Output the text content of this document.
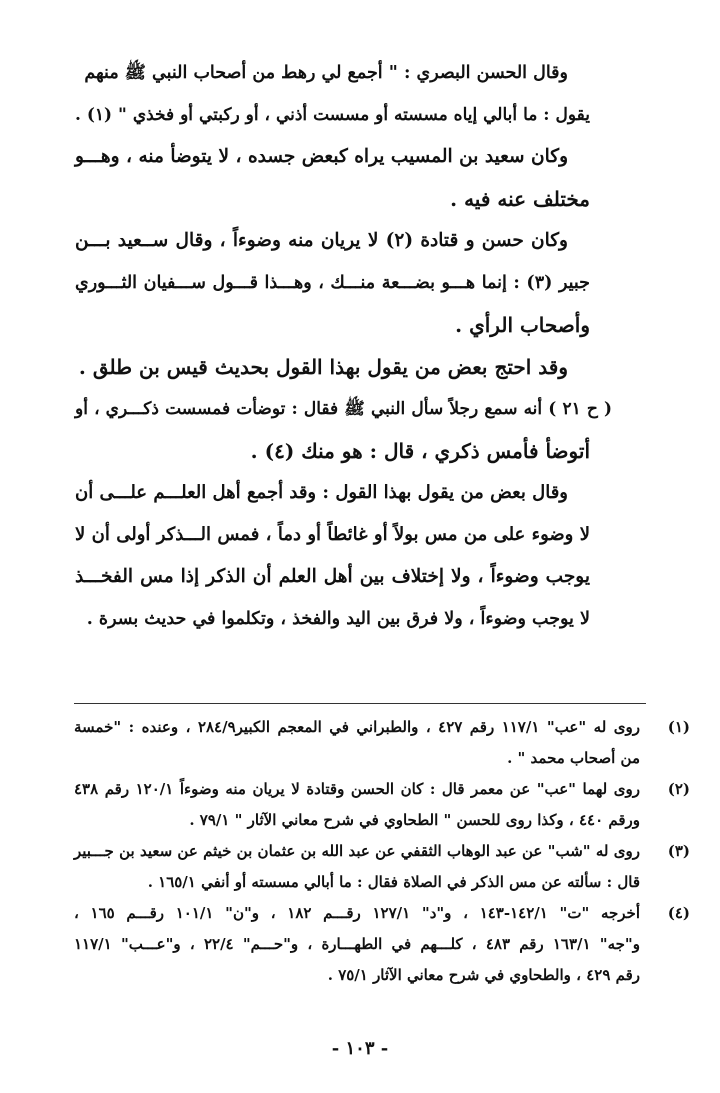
وقال الحسن البصري : " أجمع لي رهط من أصحاب النبي ﷺ منهم
يقول : ما أبالي إياه مسسته أو مسست أذني ، أو ركبتي أو فخذي " (١) .
وكان سعيد بن المسيب يراه كبعض جسده ، لا يتوضأ منه ، وهـــو
مختلف عنه فيه .
وكان حسن و قتادة (٢) لا يريان منه وضوءاً ، وقال ســعيد بـــن
جبير (٣) : إنما هـــو بضـــعة منـــك ، وهـــذا قـــول ســـفيان الثـــوري
وأصحاب الرأي .
وقد احتج بعض من يقول بهذا القول بحديث قيس بن طلق .
( ح ٢١ ) أنه سمع رجلاً سأل النبي ﷺ فقال : توضأت فمسست ذكـــري ، أو
أتوضأ فأمس ذكري ، قال : هو منك (٤) .
وقال بعض من يقول بهذا القول : وقد أجمع أهل العلـــم علـــى أن
لا وضوء على من مس بولاً أو غائطاً أو دماً ، فمس الـــذكر أولى أن لا
يوجب وضوءاً ، ولا إختلاف بين أهل العلم أن الذكر إذا مس الفخـــذ
لا يوجب وضوءاً ، ولا فرق بين اليد والفخذ ، وتكلموا في حديث بسرة .
(١)
روى له "عب" ١١٧/١ رقم ٤٢٧ ، والطبراني في المعجم الكبير٢٨٤/٩ ، وعنده : "خمسة
من أصحاب محمد " .
(٢)
روى لهما "عب" عن معمر قال : كان الحسن وقتادة لا يريان منه وضوءاً ١٢٠/١ رقم ٤٣٨
ورقم ٤٤٠ ، وكذا روى للحسن " الطحاوي في شرح معاني الآثار " ٧٩/١ .
(٣)
روى له "شب" عن عبد الوهاب الثقفي عن عبد الله بن عثمان بن خيثم عن سعيد بن جـــبير
قال : سألته عن مس الذكر في الصلاة فقال : ما أبالي مسسته أو أنفي ١٦٥/١ .
(٤)
أخرجه "ت" ١٤٢/١-١٤٣ ، و"د" ١٢٧/١ رقـــم ١٨٢ ، و"ن" ١٠١/١ رقـــم ١٦٥ ،
و"جه" ١٦٣/١ رقم ٤٨٣ ، كلـــهم في الطهـــارة ، و"حـــم" ٢٢/٤ ، و"عـــب" ١١٧/١
رقم ٤٢٩ ، والطحاوي في شرح معاني الآثار ٧٥/١ .
- ١٠٣ -
